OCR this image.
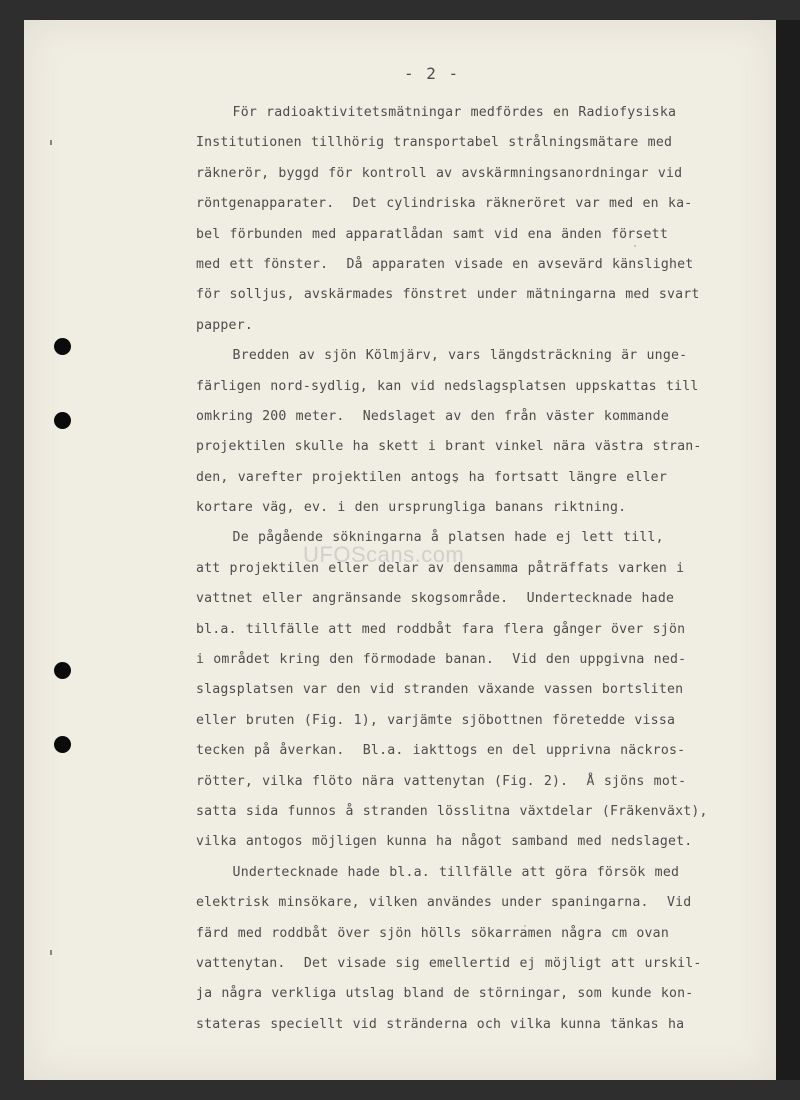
- 2 -
För radioaktivitetsmätningar medfördes en Radiofysiska
Institutionen tillhörig transportabel strålningsmätare med
räknerör, byggd för kontroll av avskärmningsanordningar vid
röntgenapparater.  Det cylindriska räkneröret var med en ka-
bel förbunden med apparatlådan samt vid ena änden försett
med ett fönster.  Då apparaten visade en avsevärd känslighet
för solljus, avskärmades fönstret under mätningarna med svart
papper.
Bredden av sjön Kölmjärv, vars längdsträckning är unge-
färligen nord-sydlig, kan vid nedslagsplatsen uppskattas till
omkring 200 meter.  Nedslaget av den från väster kommande
projektilen skulle ha skett i brant vinkel nära västra stran-
den, varefter projektilen antogs ha fortsatt längre eller
kortare väg, ev. i den ursprungliga banans riktning.
De pågående sökningarna å platsen hade ej lett till,
att projektilen eller delar av densamma påträffats varken i
vattnet eller angränsande skogsområde.  Undertecknade hade
bl.a. tillfälle att med roddbåt fara flera gånger över sjön
i området kring den förmodade banan.  Vid den uppgivna ned-
slagsplatsen var den vid stranden växande vassen bortsliten
eller bruten (Fig. 1), varjämte sjöbottnen företedde vissa
tecken på åverkan.  Bl.a. iakttogs en del upprivna näckros-
rötter, vilka flöto nära vattenytan (Fig. 2).  Å sjöns mot-
satta sida funnos å stranden lösslitna växtdelar (Fräkenväxt),
vilka antogos möjligen kunna ha något samband med nedslaget.
Undertecknade hade bl.a. tillfälle att göra försök med
elektrisk minsökare, vilken användes under spaningarna.  Vid
färd med roddbåt över sjön hölls sökarramen några cm ovan
vattenytan.  Det visade sig emellertid ej möjligt att urskil-
ja några verkliga utslag bland de störningar, som kunde kon-
stateras speciellt vid stränderna och vilka kunna tänkas ha
UFOScans.com
